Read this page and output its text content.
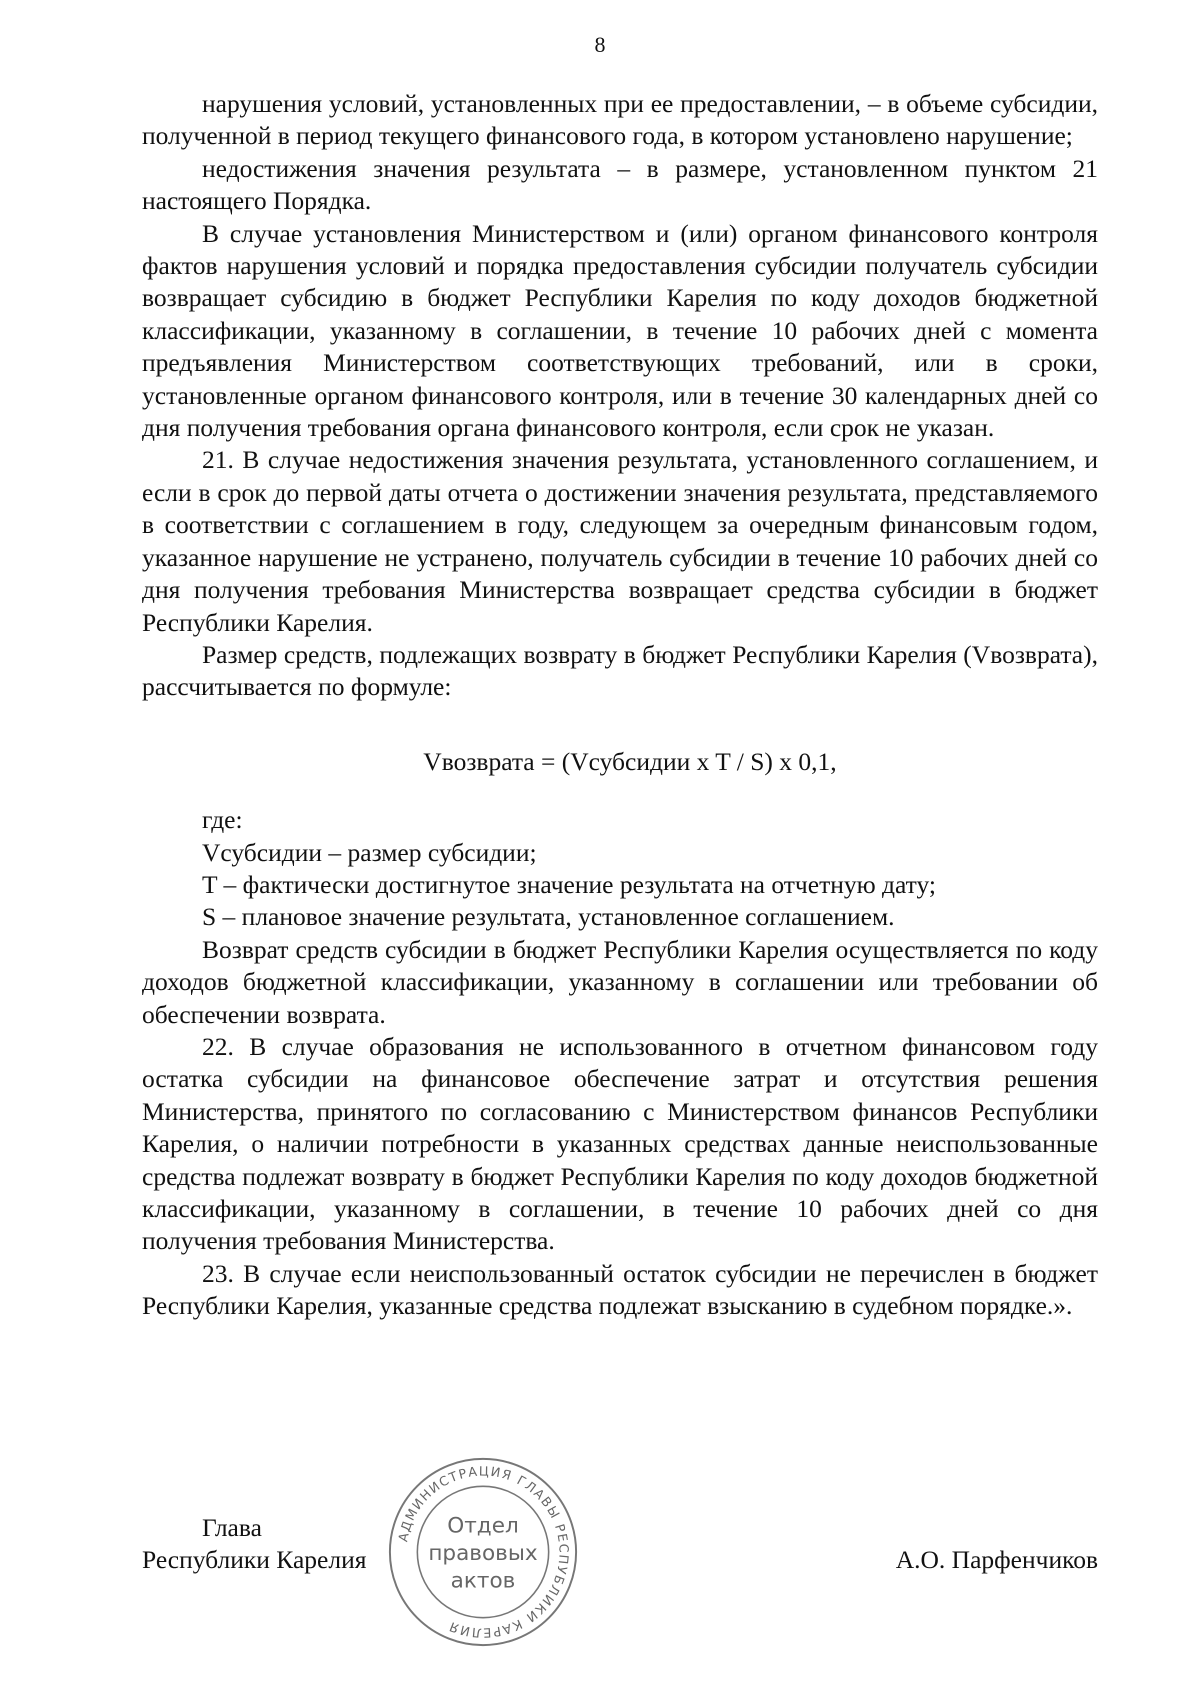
8

нарушения условий, установленных при ее предоставлении, – в объеме субсидии, полученной в период текущего финансового года, в котором установлено нарушение;

недостижения значения результата – в размере, установленном пунктом 21 настоящего Порядка.

В случае установления Министерством и (или) органом финансового контроля фактов нарушения условий и порядка предоставления субсидии получатель субсидии возвращает субсидию в бюджет Республики Карелия по коду доходов бюджетной классификации, указанному в соглашении, в течение 10 рабочих дней с момента предъявления Министерством соответствующих требований, или в сроки, установленные органом финансового контроля, или в течение 30 календарных дней со дня получения требования органа финансового контроля, если срок не указан.

21. В случае недостижения значения результата, установленного соглашением, и если в срок до первой даты отчета о достижении значения результата, представляемого в соответствии с соглашением в году, следующем за очередным финансовым годом, указанное нарушение не устранено, получатель субсидии в течение 10 рабочих дней со дня получения требования Министерства возвращает средства субсидии в бюджет Республики Карелия.

Размер средств, подлежащих возврату в бюджет Республики Карелия (Vвозврата), рассчитывается по формуле:

Vвозврата = (Vсубсидии x T / S) x 0,1,

где:

Vсубсидии – размер субсидии;

T – фактически достигнутое значение результата на отчетную дату;

S – плановое значение результата, установленное соглашением.

Возврат средств субсидии в бюджет Республики Карелия осуществляется по коду доходов бюджетной классификации, указанному в соглашении или требовании об обеспечении возврата.

22. В случае образования не использованного в отчетном финансовом году остатка субсидии на финансовое обеспечение затрат и отсутствия решения Министерства, принятого по согласованию с Министерством финансов Республики Карелия, о наличии потребности в указанных средствах данные неиспользованные средства подлежат возврату в бюджет Республики Карелия по коду доходов бюджетной классификации, указанному в соглашении, в течение 10 рабочих дней со дня получения требования Министерства.

23. В случае если неиспользованный остаток субсидии не перечислен в бюджет Республики Карелия, указанные средства подлежат взысканию в судебном порядке.».

Глава
Республики Карелия	А.О. Парфенчиков
АДМИНИСТРАЦИЯ ГЛАВЫ РЕСПУБЛИКИ КАРЕЛИЯ
Отдел
правовых
актов
